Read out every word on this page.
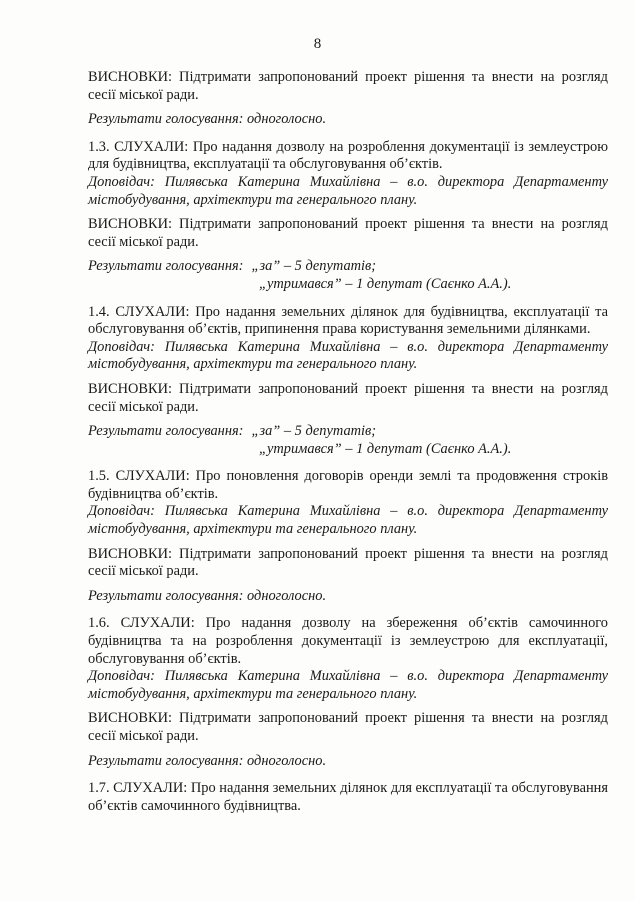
8

ВИСНОВКИ: Підтримати запропонований проект рішення та внести на розгляд сесії міської ради.

Результати голосування: одноголосно.

1.3. СЛУХАЛИ: Про надання дозволу на розроблення документації із землеустрою для будівництва, експлуатації та обслуговування об’єктів.

Доповідач: Пилявська Катерина Михайлівна – в.о. директора Департаменту містобудування, архітектури та генерального плану.

ВИСНОВКИ: Підтримати запропонований проект рішення та внести на розгляд сесії міської ради.

Результати голосування: „за” – 5 депутатів;
„утримався” – 1 депутат (Саєнко А.А.).

1.4. СЛУХАЛИ: Про надання земельних ділянок для будівництва, експлуатації та обслуговування об’єктів, припинення права користування земельними ділянками.

Доповідач: Пилявська Катерина Михайлівна – в.о. директора Департаменту містобудування, архітектури та генерального плану.

ВИСНОВКИ: Підтримати запропонований проект рішення та внести на розгляд сесії міської ради.

Результати голосування: „за” – 5 депутатів;
„утримався” – 1 депутат (Саєнко А.А.).

1.5. СЛУХАЛИ: Про поновлення договорів оренди землі та продовження строків будівництва об’єктів.

Доповідач: Пилявська Катерина Михайлівна – в.о. директора Департаменту містобудування, архітектури та генерального плану.

ВИСНОВКИ: Підтримати запропонований проект рішення та внести на розгляд сесії міської ради.

Результати голосування: одноголосно.

1.6. СЛУХАЛИ: Про надання дозволу на збереження об’єктів самочинного будівництва та на розроблення документації із землеустрою для експлуатації, обслуговування об’єктів.

Доповідач: Пилявська Катерина Михайлівна – в.о. директора Департаменту містобудування, архітектури та генерального плану.

ВИСНОВКИ: Підтримати запропонований проект рішення та внести на розгляд сесії міської ради.

Результати голосування: одноголосно.

1.7. СЛУХАЛИ: Про надання земельних ділянок для експлуатації та обслуговування об’єктів самочинного будівництва.
